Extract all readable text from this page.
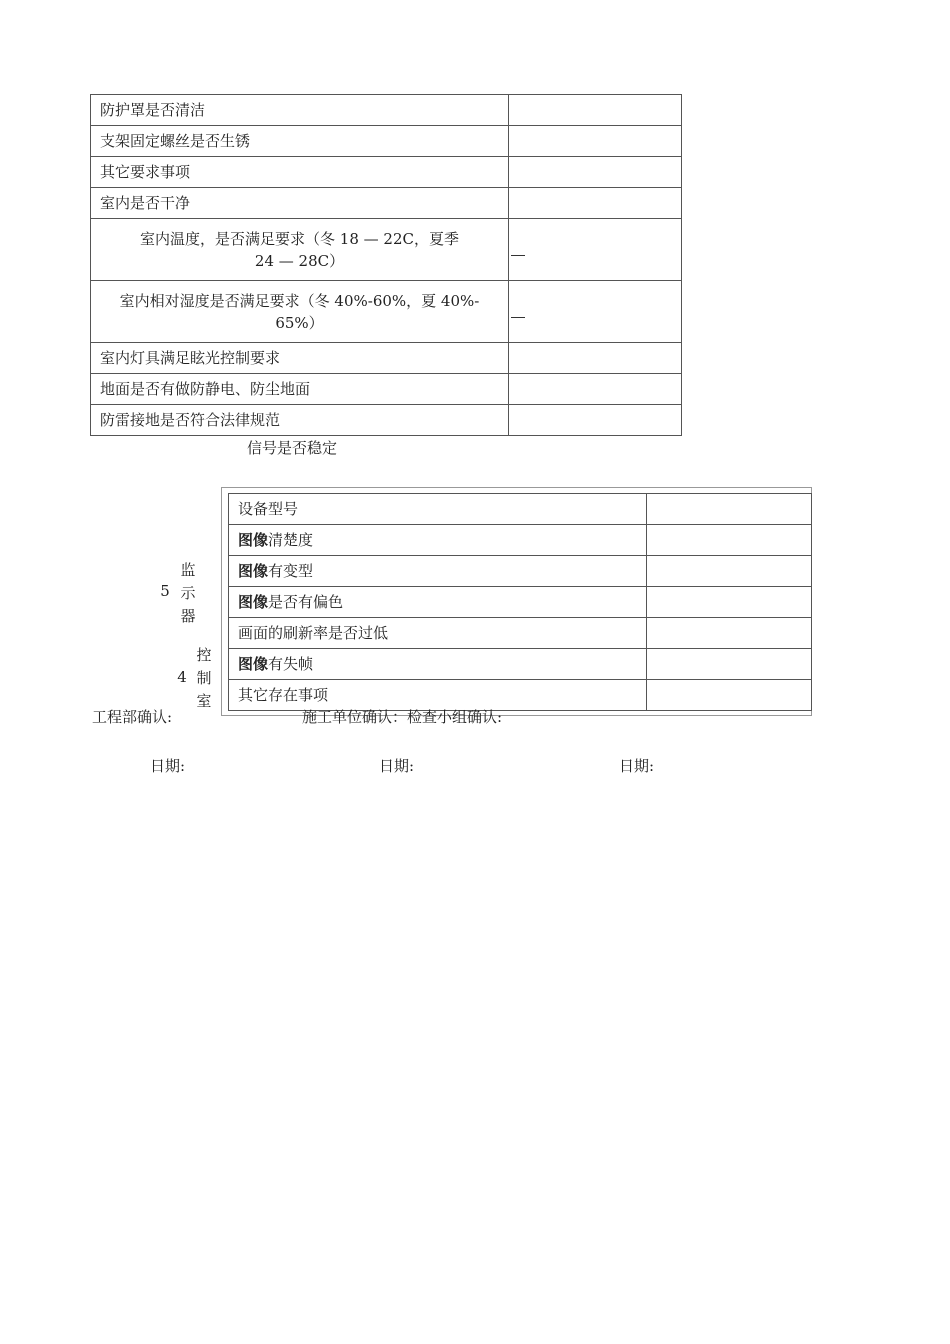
防护罩是否清洁	
支架固定螺丝是否生锈	
其它要求事项	
室内是否干净	

室内温度，是否满足要求（冬 18 — 22C，夏季
24 — 28C）	

室内相对湿度是否满足要求（冬 40%-60%，夏 40%-
65%）	

室内灯具满足眩光控制要求	
地面是否有做防静电、防尘地面	
防雷接地是否符合法律规范	
信号是否稳定
5
监
示
器
4
控
制
室
设备型号	
图像清楚度	
图像有变型	
图像是否有偏色	
画面的刷新率是否过低	
图像有失帧	
其它存在事项	
工程部确认:	施工单位确认：检查小组确认:
日期:	日期:	日期:
